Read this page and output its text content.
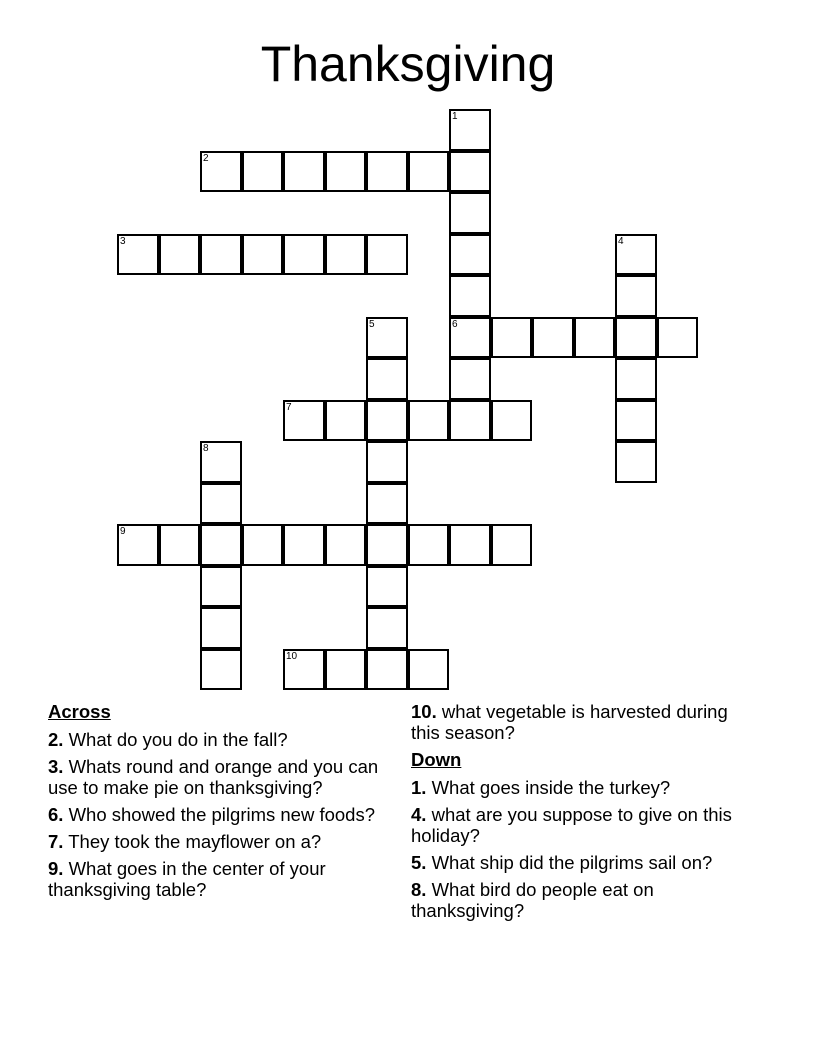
Thanksgiving
1
6
2
3	4
5
7
8
9
10
Across
2. What do you do in the fall?
3. Whats round and orange and you can use to make pie on thanksgiving?
6. Who showed the pilgrims new foods?
7. They took the mayflower on a?
9. What goes in the center of your thanksgiving table?
10. what vegetable is harvested during this season?
Down
1. What goes inside the turkey?
4. what are you suppose to give on this holiday?
5. What ship did the pilgrims sail on?
8. What bird do people eat on thanksgiving?
